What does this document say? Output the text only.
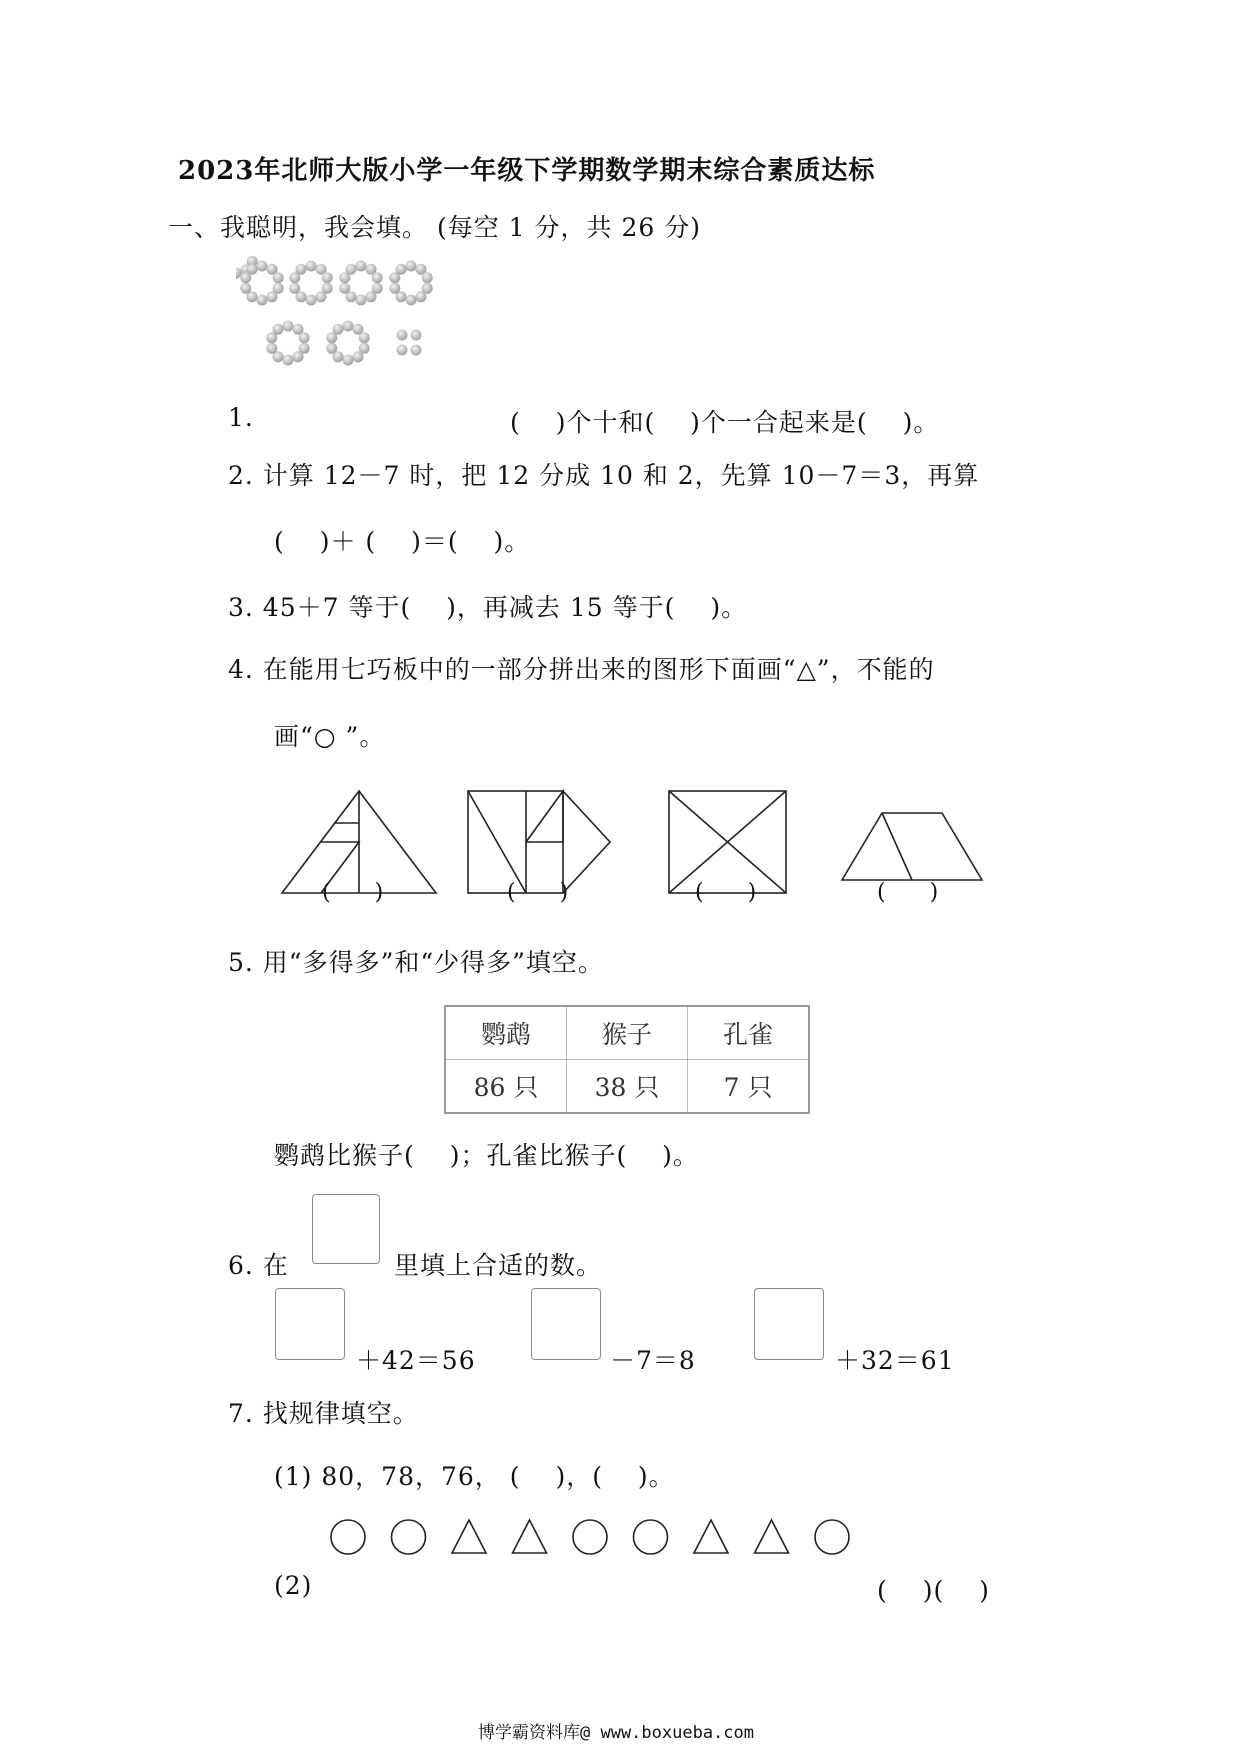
2023年北师大版小学一年级下学期数学期末综合素质达标
一、我聪明，我会填。 (每空 1 分，共 26 分)
1.	(　 )个十和(　 )个一合起来是(　 )。
2. 计算 12－7 时，把 12 分成 10 和 2，先算 10－7＝3，再算
(　 )＋ (　 )＝(　 )。
3. 45＋7 等于(　 )，再减去 15 等于(　 )。
4. 在能用七巧板中的一部分拼出来的图形下面画“△”，不能的
画“○ ”。
(　　)	(　　)	(　　)	(　　)
5. 用“多得多”和“少得多”填空。
鹦鹉	猴子	孔雀
86 只	38 只	7 只
鹦鹉比猴子(　 )；孔雀比猴子(　 )。
6. 在	里填上合适的数。
＋42＝56	－7＝8	＋32＝61
7. 找规律填空。
(1) 80，78，76， (　 )，(　 )。
(2)	(　 )(　 )
博学霸资料库@ www.boxueba.com
